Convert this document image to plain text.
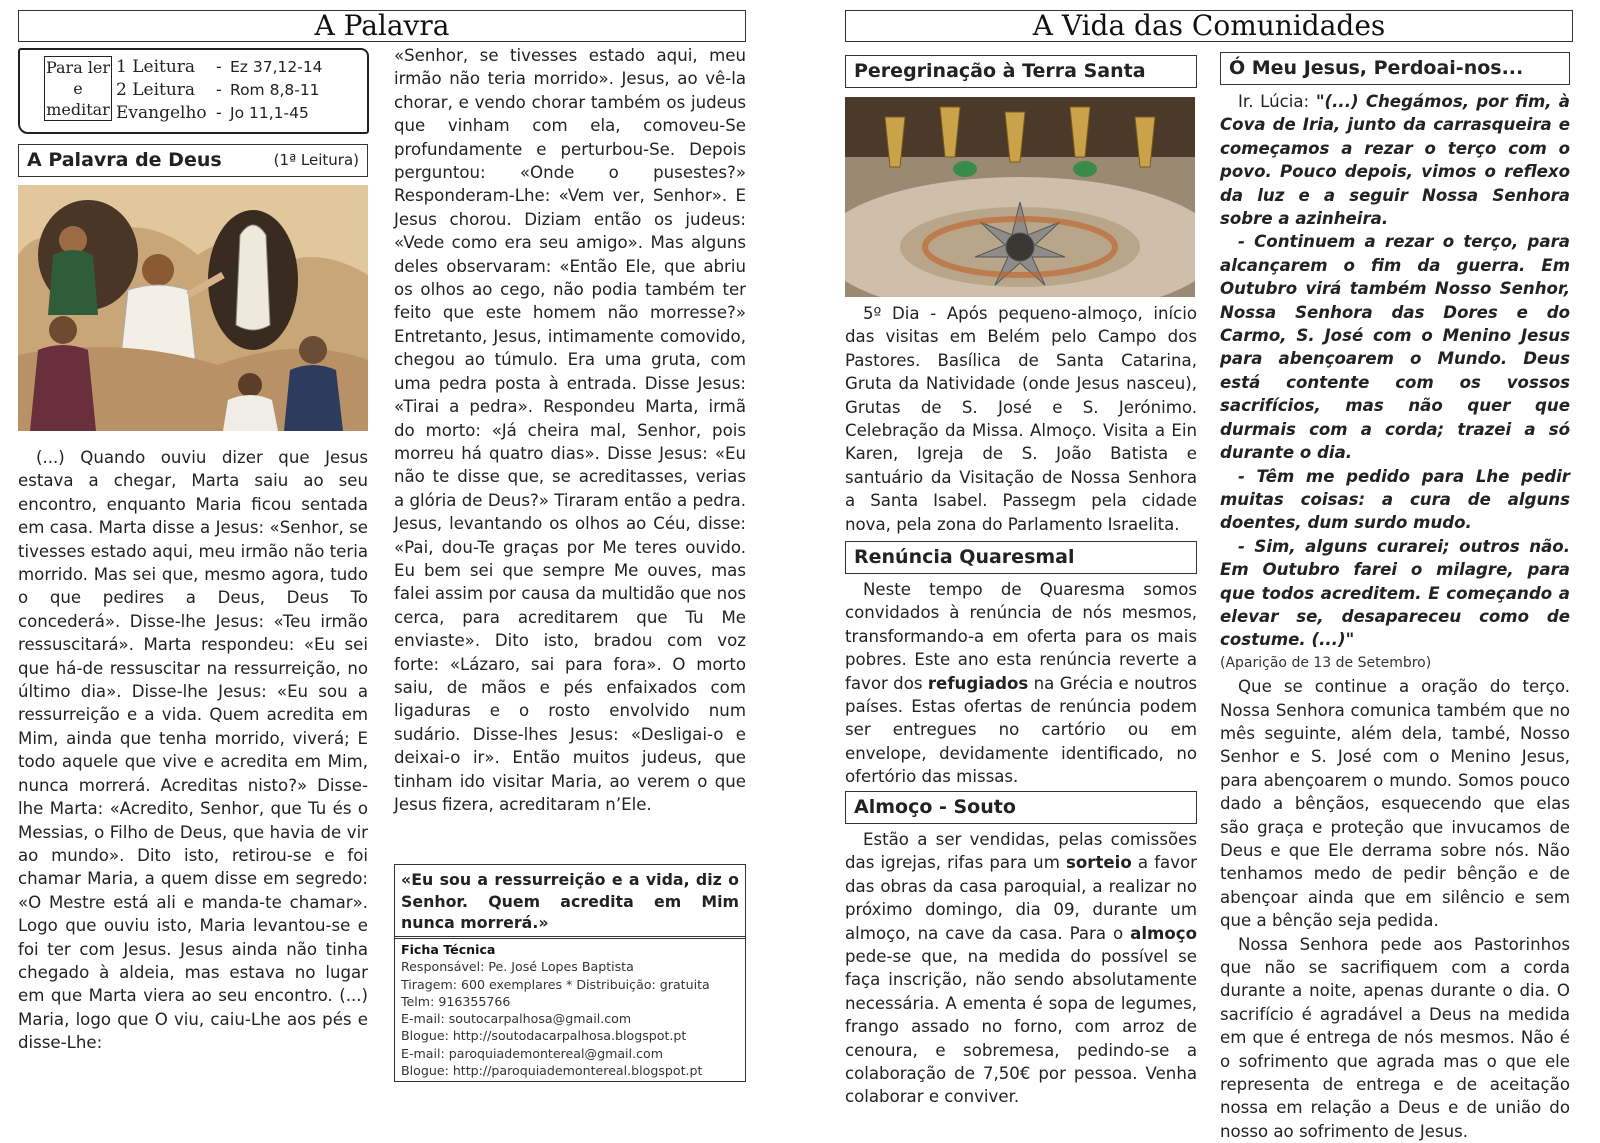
A Palavra
Para ler
e
meditar
1 Leitura	- Ez 37,12-14
2 Leitura	- Rom 8,8-11
Evangelho - Jo 11,1-45
A Palavra de Deus	(1ª Leitura)

(...) Quando ouviu dizer que Jesus estava a chegar, Marta saiu ao seu encontro, enquanto Maria ficou sentada em casa. Marta disse a Jesus: «Senhor, se tivesses estado aqui, meu irmão não teria morrido. Mas sei que, mesmo agora, tudo o que pedires a Deus, Deus To concederá». Disse-lhe Jesus: «Teu irmão ressuscitará». Marta respondeu: «Eu sei que há-de ressuscitar na ressurreição, no último dia». Disse-lhe Jesus: «Eu sou a ressurreição e a vida. Quem acredita em Mim, ainda que tenha morrido, viverá; E todo aquele que vive e acredita em Mim, nunca morrerá. Acreditas nisto?» Disse-lhe Marta: «Acredito, Senhor, que Tu és o Messias, o Filho de Deus, que havia de vir ao mundo». Dito isto, retirou-se e foi chamar Maria, a quem disse em segredo: «O Mestre está ali e manda-te chamar». Logo que ouviu isto, Maria levantou-se e foi ter com Jesus. Jesus ainda não tinha chegado à aldeia, mas estava no lugar em que Marta viera ao seu encontro. (...) Maria, logo que O viu, caiu-Lhe aos pés e disse-Lhe:

«Senhor, se tivesses estado aqui, meu irmão não teria morrido». Jesus, ao vê-la chorar, e vendo chorar também os judeus que vinham com ela, comoveu-Se profundamente e perturbou-Se. Depois perguntou: «Onde o pusestes?» Responderam-Lhe: «Vem ver, Senhor». E Jesus chorou. Diziam então os judeus: «Vede como era seu amigo». Mas alguns deles observaram: «Então Ele, que abriu os olhos ao cego, não podia também ter feito que este homem não morresse?» Entretanto, Jesus, intimamente comovido, chegou ao túmulo. Era uma gruta, com uma pedra posta à entrada. Disse Jesus: «Tirai a pedra». Respondeu Marta, irmã do morto: «Já cheira mal, Senhor, pois morreu há quatro dias». Disse Jesus: «Eu não te disse que, se acreditasses, verias a glória de Deus?» Tiraram então a pedra. Jesus, levantando os olhos ao Céu, disse: «Pai, dou-Te graças por Me teres ouvido. Eu bem sei que sempre Me ouves, mas falei assim por causa da multidão que nos cerca, para acreditarem que Tu Me enviaste». Dito isto, bradou com voz forte: «Lázaro, sai para fora». O morto saiu, de mãos e pés enfaixados com ligaduras e o rosto envolvido num sudário. Disse-lhes Jesus: «Desligai-o e deixai-o ir». Então muitos judeus, que tinham ido visitar Maria, ao verem o que Jesus fizera, acreditaram n’Ele.

«Eu sou a ressurreição e a vida, diz o Senhor. Quem acredita em Mim nunca morrerá.»
Ficha Técnica
Responsável: Pe. José Lopes Baptista
Tiragem: 600 exemplares * Distribuição: gratuita
Telm: 916355766
E-mail: soutocarpalhosa@gmail.com
Blogue: http://soutodacarpalhosa.blogspot.pt
E-mail: paroquiademontereal@gmail.com
Blogue: http://paroquiademontereal.blogspot.pt
A Vida das Comunidades
Peregrinação à Terra Santa

5º Dia - Após pequeno-almoço, início das visitas em Belém pelo Campo dos Pastores. Basílica de Santa Catarina, Gruta da Natividade (onde Jesus nasceu), Grutas de S. José e S. Jerónimo. Celebração da Missa. Almoço. Visita a Ein Karen, Igreja de S. João Batista e santuário da Visitação de Nossa Senhora a Santa Isabel. Passegm pela cidade nova, pela zona do Parlamento Israelita.

Renúncia Quaresmal

Neste tempo de Quaresma somos convidados à renúncia de nós mesmos, transformando-a em oferta para os mais pobres. Este ano esta renúncia reverte a favor dos refugiados na Grécia e noutros países. Estas ofertas de renúncia podem ser entregues no cartório ou em envelope, devidamente identificado, no ofertório das missas.

Almoço - Souto

Estão a ser vendidas, pelas comissões das igrejas, rifas para um sorteio a favor das obras da casa paroquial, a realizar no próximo domingo, dia 09, durante um almoço, na cave da casa. Para o almoço pede-se que, na medida do possível se faça inscrição, não sendo absolutamente necessária. A ementa é sopa de legumes, frango assado no forno, com arroz de cenoura, e sobremesa, pedindo-se a colaboração de 7,50€ por pessoa. Venha colaborar e conviver.

Ó Meu Jesus, Perdoai-nos...

Ir. Lúcia: "(...) Chegámos, por fim, à Cova de Iria, junto da carrasqueira e começamos a rezar o terço com o povo. Pouco depois, vimos o reflexo da luz e a seguir Nossa Senhora sobre a azinheira.

- Continuem a rezar o terço, para alcançarem o fim da guerra. Em Outubro virá também Nosso Senhor, Nossa Senhora das Dores e do Carmo, S. José com o Menino Jesus para abençoarem o Mundo. Deus está contente com os vossos sacrifícios, mas não quer que durmais com a corda; trazei a só durante o dia.

- Têm me pedido para Lhe pedir muitas coisas: a cura de alguns doentes, dum surdo mudo.

- Sim, alguns curarei; outros não. Em Outubro farei o milagre, para que todos acreditem. E começando a elevar se, desapareceu como de costume. (...)"

(Aparição de 13 de Setembro)

Que se continue a oração do terço. Nossa Senhora comunica também que no mês seguinte, além dela, també, Nosso Senhor e S. José com o Menino Jesus, para abençoarem o mundo. Somos pouco dado a bênçãos, esquecendo que elas são graça e proteção que invucamos de Deus e que Ele derrama sobre nós. Não tenhamos medo de pedir bênção e de abençoar ainda que em silêncio e sem que a bênção seja pedida.

Nossa Senhora pede aos Pastorinhos que não se sacrifiquem com a corda durante a noite, apenas durante o dia. O sacrifício é agradável a Deus na medida em que é entrega de nós mesmos. Não é o sofrimento que agrada mas o que ele representa de entrega e de aceitação nossa em relação a Deus e de união do nosso ao sofrimento de Jesus.
